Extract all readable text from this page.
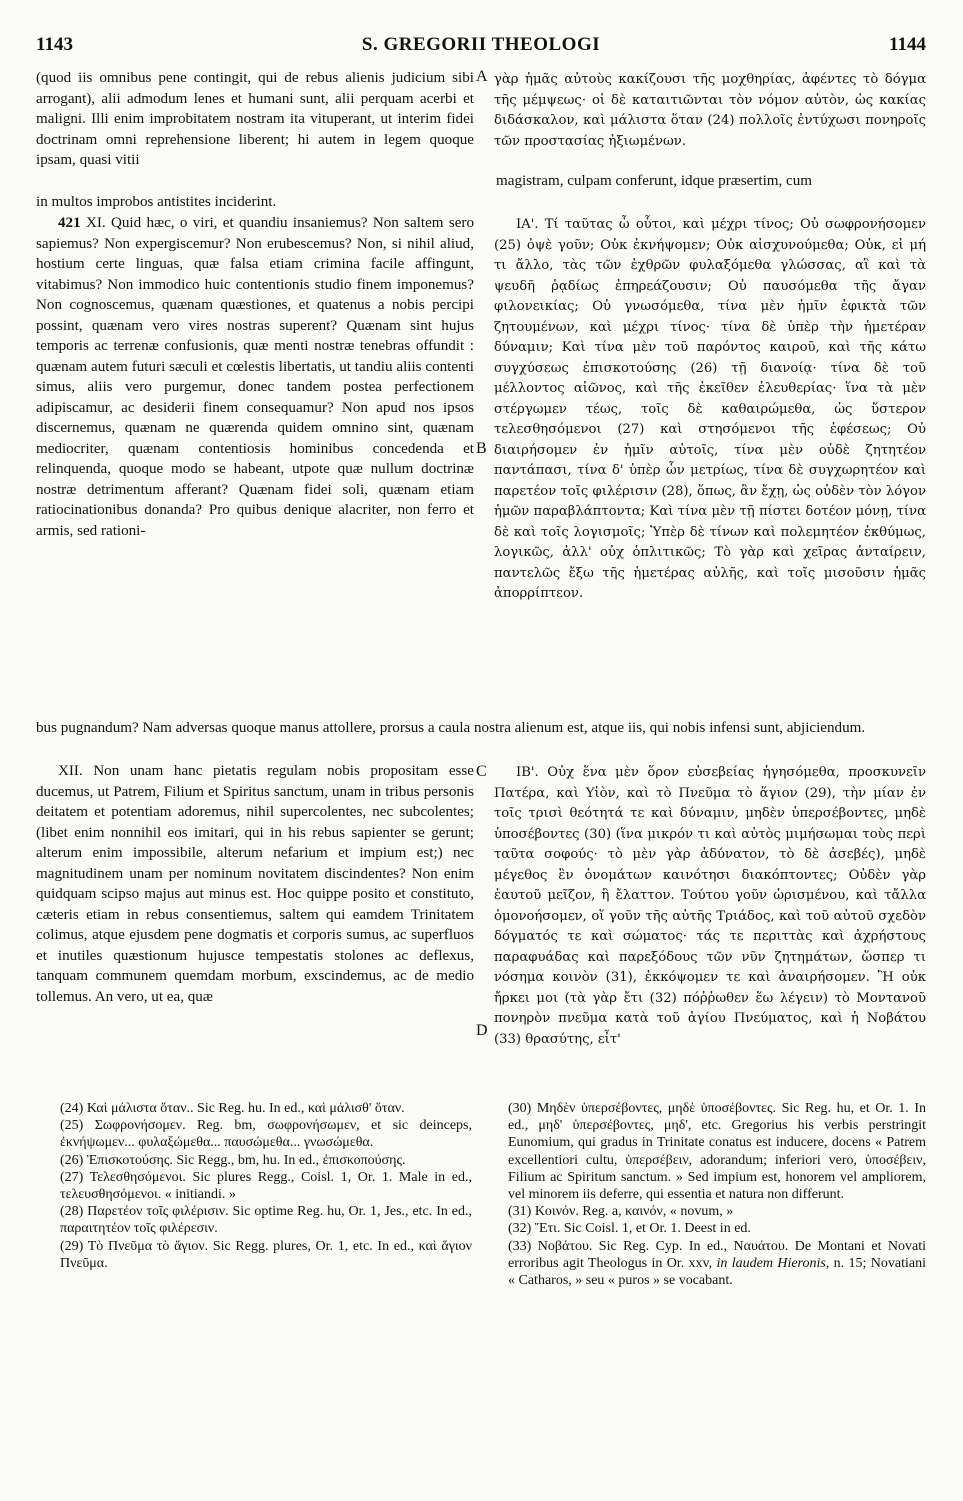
1143	S. GREGORII THEOLOGI	1144

(quod iis omnibus pene contingit, qui de rebus alienis judicium sibi arrogant), alii admodum lenes et humani sunt, alii perquam acerbi et maligni. Illi enim improbitatem nostram ita vituperant, ut interim fidei doctrinam omni reprehensione liberent; hi autem in legem quoque ipsam, quasi vitii

A γὰρ ἡμᾶς αὐτοὺς κακίζουσι τῆς μοχθηρίας, ἀφέντες τὸ δόγμα τῆς μέμψεως· οἱ δὲ καταιτιῶνται τὸν νόμον αὐτὸν, ὡς κακίας διδάσκαλον, καὶ μάλιστα ὅταν (24) πολλοῖς ἐντύχωσι πονηροῖς τῶν προστασίας ἠξιωμένων.

magistram, culpam conferunt, idque præsertim, cum

in multos improbos antistites inciderint.

421 XI. Quid hæc, o viri, et quandiu insaniemus? Non saltem sero sapiemus? Non expergiscemur? Non erubescemus? Non, si nihil aliud, hostium certe linguas, quæ falsa etiam crimina facile affingunt, vitabimus? Non immodico huic contentionis studio finem imponemus? Non cognoscemus, quænam quæstiones, et quatenus a nobis percipi possint, quænam vero vires nostras superent? Quænam sint hujus temporis ac terrenæ confusionis, quæ menti nostræ tenebras offundit : quænam autem futuri sæculi et cœlestis libertatis, ut tandiu aliis contenti simus, aliis vero purgemur, donec tandem postea perfectionem adipiscamur, ac desiderii finem consequamur? Non apud nos ipsos discernemus, quænam ne quærenda quidem omnino sint, quænam mediocriter, quænam contentiosis hominibus concedenda et relinquenda, quoque modo se habeant, utpote quæ nullum doctrinæ nostræ detrimentum afferant? Quænam fidei soli, quænam etiam ratiocinationibus donanda? Pro quibus denique alacriter, non ferro et armis, sed rationi-

B

ΙΑ'. Τί ταῦτας ὦ οὗτοι, καὶ μέχρι τίνος; Οὐ σωφρονήσομεν (25) ὀψὲ γοῦν; Οὐκ ἐκνήψομεν; Οὐκ αἰσχυνούμεθα; Οὐκ, εἰ μή τι ἄλλο, τὰς τῶν ἐχθρῶν φυλαξόμεθα γλώσσας, αἳ καὶ τὰ ψευδῆ ῥᾳδίως ἐπηρεάζουσιν; Οὐ παυσόμεθα τῆς ἄγαν φιλονεικίας; Οὐ γνωσόμεθα, τίνα μὲν ἡμῖν ἐφικτὰ τῶν ζητουμένων, καὶ μέχρι τίνος· τίνα δὲ ὑπὲρ τὴν ἡμετέραν δύναμιν; Καὶ τίνα μὲν τοῦ παρόντος καιροῦ, καὶ τῆς κάτω συγχύσεως ἐπισκοτούσης (26) τῇ διανοίᾳ· τίνα δὲ τοῦ μέλλοντος αἰῶνος, καὶ τῆς ἐκεῖθεν ἐλευθερίας· ἵνα τὰ μὲν στέργωμεν τέως, τοῖς δὲ καθαιρώμεθα, ὡς ὕστερον τελεσθησόμενοι (27) καὶ στησόμενοι τῆς ἐφέσεως; Οὐ διαιρήσομεν ἐν ἡμῖν αὐτοῖς, τίνα μὲν οὐδὲ ζητητέον παντάπασι, τίνα δ' ὑπὲρ ὧν μετρίως, τίνα δὲ συγχωρητέον καὶ παρετέον τοῖς φιλέρισιν (28), ὅπως, ἂν ἔχῃ, ὡς οὐδὲν τὸν λόγον ἡμῶν παραβλάπτοντα; Καὶ τίνα μὲν τῇ πίστει δοτέον μόνῃ, τίνα δὲ καὶ τοῖς λογισμοῖς; Ὑπὲρ δὲ τίνων καὶ πολεμητέον ἐκθύμως, λογικῶς, ἀλλ' οὐχ ὁπλιτικῶς; Τὸ γὰρ καὶ χεῖρας ἀνταίρειν, παντελῶς ἔξω τῆς ἡμετέρας αὐλῆς, καὶ τοῖς μισοῦσιν ἡμᾶς ἀπορρίπτεον.

bus pugnandum? Nam adversas quoque manus attollere, prorsus a caula nostra alienum est, atque iis, qui nobis infensi sunt, abjiciendum.

XII. Non unam hanc pietatis regulam nobis propositam esse ducemus, ut Patrem, Filium et Spiritus sanctum, unam in tribus personis deitatem et potentiam adoremus, nihil supercolentes, nec subcolentes; (libet enim nonnihil eos imitari, qui in his rebus sapienter se gerunt; alterum enim impossibile, alterum nefarium et impium est;) nec magnitudinem unam per nominum novitatem discindentes? Non enim quidquam scipso majus aut minus est. Hoc quippe posito et constituto, cæteris etiam in rebus consentiemus, saltem qui eamdem Trinitatem colimus, atque ejusdem pene dogmatis et corporis sumus, ac superfluos et inutiles quæstionum hujusce tempestatis stolones ac deflexus, tanquam communem quemdam morbum, exscindemus, ac de medio tollemus. An vero, ut ea, quæ

C
D

ΙΒ'. Οὐχ ἕνα μὲν ὅρον εὐσεβείας ἡγησόμεθα, προσκυνεῖν Πατέρα, καὶ Υἱὸν, καὶ τὸ Πνεῦμα τὸ ἅγιον (29), τὴν μίαν ἐν τοῖς τρισὶ θεότητά τε καὶ δύναμιν, μηδὲν ὑπερσέβοντες, μηδὲ ὑποσέβοντες (30) (ἵνα μικρόν τι καὶ αὐτὸς μιμήσωμαι τοὺς περὶ ταῦτα σοφούς· τὸ μὲν γὰρ ἀδύνατον, τὸ δὲ ἀσεβές), μηδὲ μέγεθος ἓν ὀνομάτων καινότησι διακόπτοντες; Οὐδὲν γὰρ ἑαυτοῦ μεῖζον, ἢ ἔλαττον. Τούτου γοῦν ὡρισμένου, καὶ τἄλλα ὁμονοήσομεν, οἵ γοῦν τῆς αὐτῆς Τριάδος, καὶ τοῦ αὐτοῦ σχεδὸν δόγματός τε καὶ σώματος· τάς τε περιττὰς καὶ ἀχρήστους παραφυάδας καὶ παρεξόδους τῶν νῦν ζητημάτων, ὥσπερ τι νόσημα κοινὸν (31), ἐκκόψομεν τε καὶ ἀναιρήσομεν. Ἢ οὐκ ἤρκει μοι (τὰ γὰρ ἔτι (32) πόῤῥωθεν ἕω λέγειν) τὸ Μοντανοῦ πονηρὸν πνεῦμα κατὰ τοῦ ἁγίου Πνεύματος, καὶ ἡ Νοβάτου (33) θρασύτης, εἶτ'

(24) Καὶ μάλιστα ὅταν.. Sic Reg. hu. In ed., καὶ μάλισθ' ὅταν.

(25) Σωφρονήσομεν. Reg. bm, σωφρονήσωμεν, et sic deinceps, ἐκνήψωμεν... φυλαξώμεθα... παυσώμεθα... γνωσώμεθα.

(26) Ἐπισκοτούσης. Sic Regg., bm, hu. In ed., ἐπισκοπούσης.

(27) Τελεσθησόμενοι. Sic plures Regg., Coisl. 1, Or. 1. Male in ed., τελευσθησόμενοι. « initiandi. »

(28) Παρετέον τοῖς φιλέρισιν. Sic optime Reg. hu, Or. 1, Jes., etc. In ed., παραιτητέον τοῖς φιλέρεσιν.

(29) Τὸ Πνεῦμα τὸ ἅγιον. Sic Regg. plures, Or. 1, etc. In ed., καὶ ἅγιον Πνεῦμα.

(30) Μηδὲν ὑπερσέβοντες, μηδὲ ὑποσέβοντες. Sic Reg. hu, et Or. 1. In ed., μηδ' ὑπερσέβοντες, μηδ', etc. Gregorius his verbis perstringit Eunomium, qui gradus in Trinitate conatus est inducere, docens « Patrem excellentiori cultu, ὑπερσέβειν, adorandum; inferiori vero, ὑποσέβειν, Filium ac Spiritum sanctum. » Sed impium est, honorem vel ampliorem, vel minorem iis deferre, qui essentia et natura non differunt.

(31) Κοινόν. Reg. a, καινόν, « novum, »

(32) Ἔτι. Sic Coisl. 1, et Or. 1. Deest in ed.

(33) Νοβάτου. Sic Reg. Cyp. In ed., Ναυάτου. De Montani et Novati erroribus agit Theologus in Or. xxv, in laudem Hieronis, n. 15; Novatiani « Catharos, » seu « puros » se vocabant.
